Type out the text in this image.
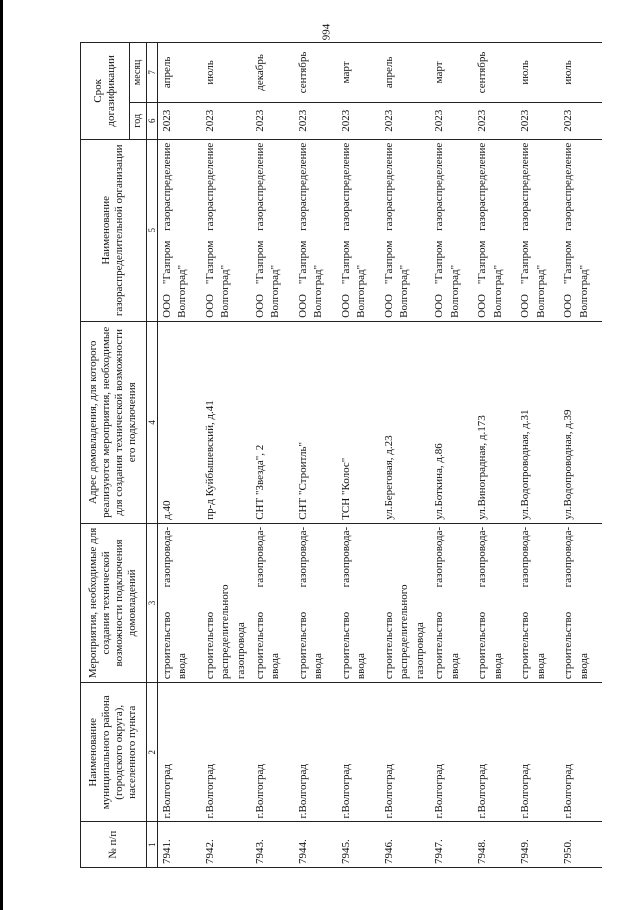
994
№ п/п	Наименование муниципального района (городского округа), населенного пункта	Мероприятия, необходимые для создания технической возможности подключения домовладений	Адрес домовладения, для которого реализуются мероприятия, необходимые для создания технической возможности его подключения	Наименование газораспределительной организации	Срок догазификации	
					год	месяц
1	2	3	4	5	6	7
7941.	г.Волгоград	строительство газопровода-ввода	д.40	ООО "Газпром газораспределение Волгоград"	2023	апрель
7942.	г.Волгоград	строительство распределительного газопровода	пр-д Куйбышевский, д.41	ООО "Газпром газораспределение Волгоград"	2023	июль
7943.	г.Волгоград	строительство газопровода-ввода	СНТ "Звезда", 2	ООО "Газпром газораспределение Волгоград"	2023	декабрь
7944.	г.Волгоград	строительство газопровода-ввода	СНТ "Строитль"	ООО "Газпром газораспределение Волгоград"	2023	сентябрь
7945.	г.Волгоград	строительство газопровода-ввода	ТСН "Колос"	ООО "Газпром газораспределение Волгоград"	2023	март
7946.	г.Волгоград	строительство распределительного газопровода	ул.Береговая, д.23	ООО "Газпром газораспределение Волгоград"	2023	апрель
7947.	г.Волгоград	строительство газопровода-ввода	ул.Боткина, д.86	ООО "Газпром газораспределение Волгоград"	2023	март
7948.	г.Волгоград	строительство газопровода-ввода	ул.Виноградная, д.173	ООО "Газпром газораспределение Волгоград"	2023	сентябрь
7949.	г.Волгоград	строительство газопровода-ввода	ул.Водопроводная, д.31	ООО "Газпром газораспределение Волгоград"	2023	июль
7950.	г.Волгоград	строительство газопровода-ввода	ул.Водопроводная, д.39	ООО "Газпром газораспределение Волгоград"	2023	июль
